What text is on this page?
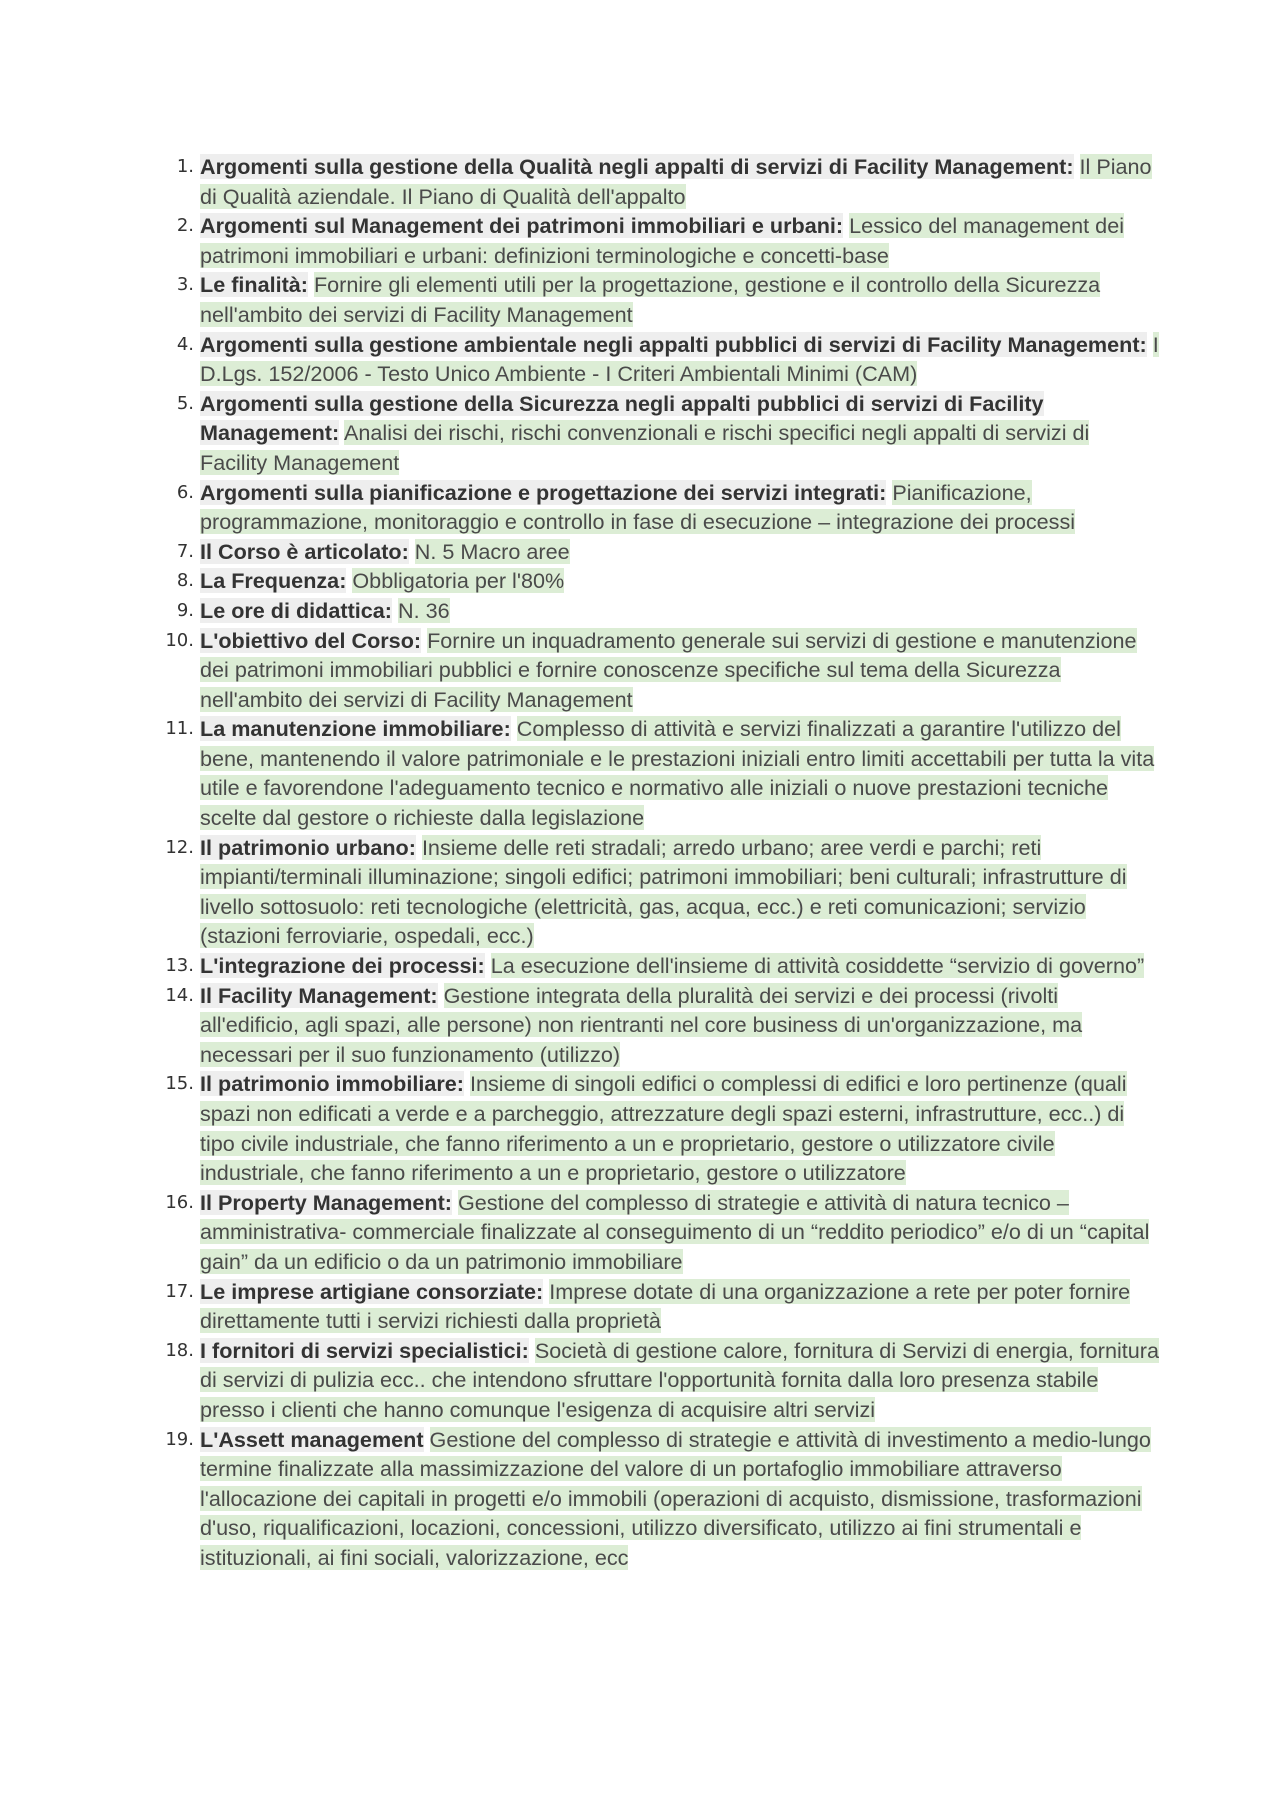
1. Argomenti sulla gestione della Qualità negli appalti di servizi di Facility Management: Il Piano di Qualità aziendale. Il Piano di Qualità dell'appalto
2. Argomenti sul Management dei patrimoni immobiliari e urbani: Lessico del management dei patrimoni immobiliari e urbani: definizioni terminologiche e concetti-base
3. Le finalità: Fornire gli elementi utili per la progettazione, gestione e il controllo della Sicurezza nell'ambito dei servizi di Facility Management
4. Argomenti sulla gestione ambientale negli appalti pubblici di servizi di Facility Management: I D.Lgs. 152/2006 - Testo Unico Ambiente - I Criteri Ambientali Minimi (CAM)
5. Argomenti sulla gestione della Sicurezza negli appalti pubblici di servizi di Facility Management: Analisi dei rischi, rischi convenzionali e rischi specifici negli appalti di servizi di Facility Management
6. Argomenti sulla pianificazione e progettazione dei servizi integrati: Pianificazione, programmazione, monitoraggio e controllo in fase di esecuzione – integrazione dei processi
7. Il Corso è articolato: N. 5 Macro aree
8. La Frequenza: Obbligatoria per l'80%
9. Le ore di didattica: N. 36
10. L'obiettivo del Corso: Fornire un inquadramento generale sui servizi di gestione e manutenzione dei patrimoni immobiliari pubblici e fornire conoscenze specifiche sul tema della Sicurezza nell'ambito dei servizi di Facility Management
11. La manutenzione immobiliare: Complesso di attività e servizi finalizzati a garantire l'utilizzo del bene, mantenendo il valore patrimoniale e le prestazioni iniziali entro limiti accettabili per tutta la vita utile e favorendone l'adeguamento tecnico e normativo alle iniziali o nuove prestazioni tecniche scelte dal gestore o richieste dalla legislazione
12. Il patrimonio urbano: Insieme delle reti stradali; arredo urbano; aree verdi e parchi; reti impianti/terminali illuminazione; singoli edifici; patrimoni immobiliari; beni culturali; infrastrutture di livello sottosuolo: reti tecnologiche (elettricità, gas, acqua, ecc.) e reti comunicazioni; servizio (stazioni ferroviarie, ospedali, ecc.)
13. L'integrazione dei processi: La esecuzione dell'insieme di attività cosiddette “servizio di governo”
14. Il Facility Management: Gestione integrata della pluralità dei servizi e dei processi (rivolti all'edificio, agli spazi, alle persone) non rientranti nel core business di un'organizzazione, ma necessari per il suo funzionamento (utilizzo)
15. Il patrimonio immobiliare: Insieme di singoli edifici o complessi di edifici e loro pertinenze (quali spazi non edificati a verde e a parcheggio, attrezzature degli spazi esterni, infrastrutture, ecc..) di tipo civile industriale, che fanno riferimento a un e proprietario, gestore o utilizzatore civile industriale, che fanno riferimento a un e proprietario, gestore o utilizzatore
16. Il Property Management: Gestione del complesso di strategie e attività di natura tecnico – amministrativa- commerciale finalizzate al conseguimento di un “reddito periodico” e/o di un “capital gain” da un edificio o da un patrimonio immobiliare
17. Le imprese artigiane consorziate: Imprese dotate di una organizzazione a rete per poter fornire direttamente tutti i servizi richiesti dalla proprietà
18. I fornitori di servizi specialistici: Società di gestione calore, fornitura di Servizi di energia, fornitura di servizi di pulizia ecc.. che intendono sfruttare l'opportunità fornita dalla loro presenza stabile presso i clienti che hanno comunque l'esigenza di acquisire altri servizi
19. L'Assett management Gestione del complesso di strategie e attività di investimento a medio-lungo termine finalizzate alla massimizzazione del valore di un portafoglio immobiliare attraverso l'allocazione dei capitali in progetti e/o immobili (operazioni di acquisto, dismissione, trasformazioni d'uso, riqualificazioni, locazioni, concessioni, utilizzo diversificato, utilizzo ai fini strumentali e istituzionali, ai fini sociali, valorizzazione, ecc
